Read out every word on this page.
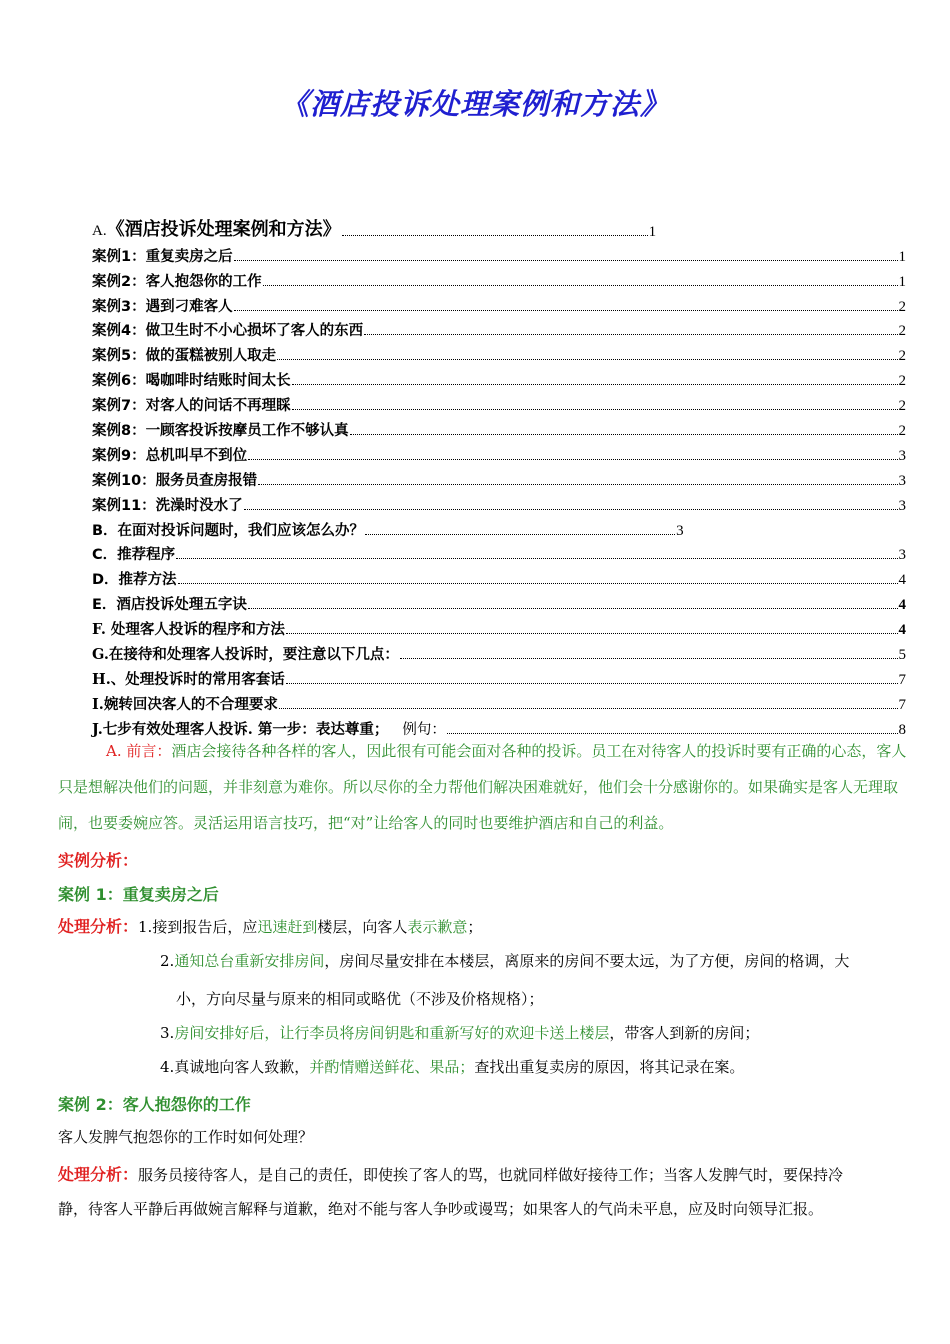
《酒店投诉处理案例和方法》
A.《酒店投诉处理案例和方法》	1
案例1：重复卖房之后	1
案例2：客人抱怨你的工作	1
案例3：遇到刁难客人	2
案例4：做卫生时不小心损坏了客人的东西	2
案例5：做的蛋糕被别人取走	2
案例6：喝咖啡时结账时间太长	2
案例7：对客人的问话不再理睬	2
案例8：一顾客投诉按摩员工作不够认真	2
案例9：总机叫早不到位	3
案例10：服务员查房报错	3
案例11：洗澡时没水了	3
B．在面对投诉问题时，我们应该怎么办？	3
C．推荐程序	3
D．推荐方法	4
E．酒店投诉处理五字诀	4
F. 处理客人投诉的程序和方法	4
G.在接待和处理客人投诉时，要注意以下几点：	5
H.、处理投诉时的常用客套话	7
I.婉转回决客人的不合理要求	7
J.七步有效处理客人投诉. 第一步：表达尊重； 例句：	8
A. 前言：酒店会接待各种各样的客人，因此很有可能会面对各种的投诉。员工在对待客人的投诉时要有正确的心态，客人只是想解决他们的问题，并非刻意为难你。所以尽你的全力帮他们解决困难就好，他们会十分感谢你的。如果确实是客人无理取闹，也要委婉应答。灵活运用语言技巧，把“对”让给客人的同时也要维护酒店和自己的利益。
实例分析：
案例 1：重复卖房之后
处理分析：1.接到报告后，应迅速赶到楼层，向客人表示歉意；
2.通知总台重新安排房间，房间尽量安排在本楼层，离原来的房间不要太远，为了方便，房间的格调，大
小，方向尽量与原来的相同或略优（不涉及价格规格）；
3.房间安排好后，让行李员将房间钥匙和重新写好的欢迎卡送上楼层，带客人到新的房间；
4.真诚地向客人致歉，并酌情赠送鲜花、果品；查找出重复卖房的原因，将其记录在案。
案例 2：客人抱怨你的工作
客人发脾气抱怨你的工作时如何处理？
处理分析：服务员接待客人，是自己的责任，即使挨了客人的骂，也就同样做好接待工作；当客人发脾气时，要保持冷
静，待客人平静后再做婉言解释与道歉，绝对不能与客人争吵或谩骂；如果客人的气尚未平息，应及时向领导汇报。
